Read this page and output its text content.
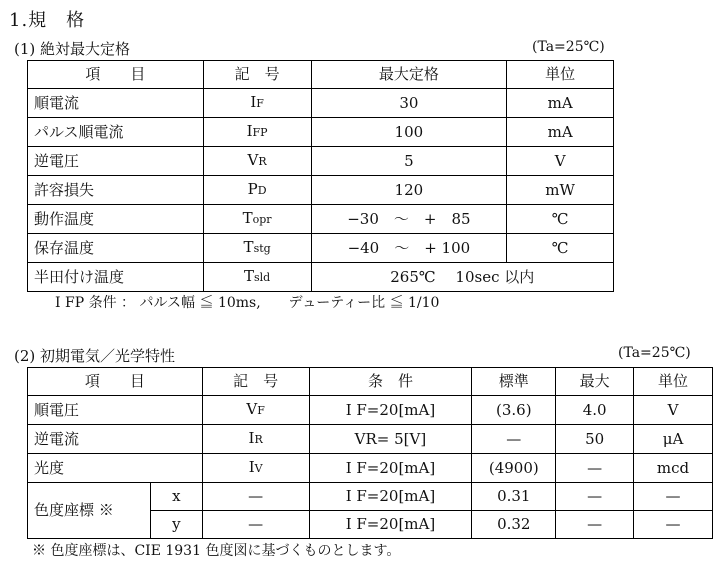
1.規　格
(1) 絶対最大定格	(Ta=25℃)
項　　目	記　号	最大定格	単位
順電流	IF	30	mA
パルス順電流	IFP	100	mA
逆電圧	VR	5	V
許容損失	PD	120	mW
動作温度	Topr	−30　～　+　85	℃
保存温度	Tstg	−40　～　+ 100	℃
半田付け温度	Tsld	265℃　 10sec 以内	
I FP 条件 ： パルス幅 ≦ 10ms,　　デューティー比 ≦ 1/10
(2) 初期電気／光学特性	(Ta=25℃)
項　　目		記　号	条　件	標準	最大	単位
順電圧		VF	I F=20[mA]	(3.6)	4.0	V
逆電流		IR	VR= 5[V]	—	50	μA
光度		IV	I F=20[mA]	(4900)	—	mcd
色度座標 ※	x	—	I F=20[mA]	0.31	—	—
	y	—	I F=20[mA]	0.32	—	—
※ 色度座標は、CIE 1931 色度図に基づくものとします。
